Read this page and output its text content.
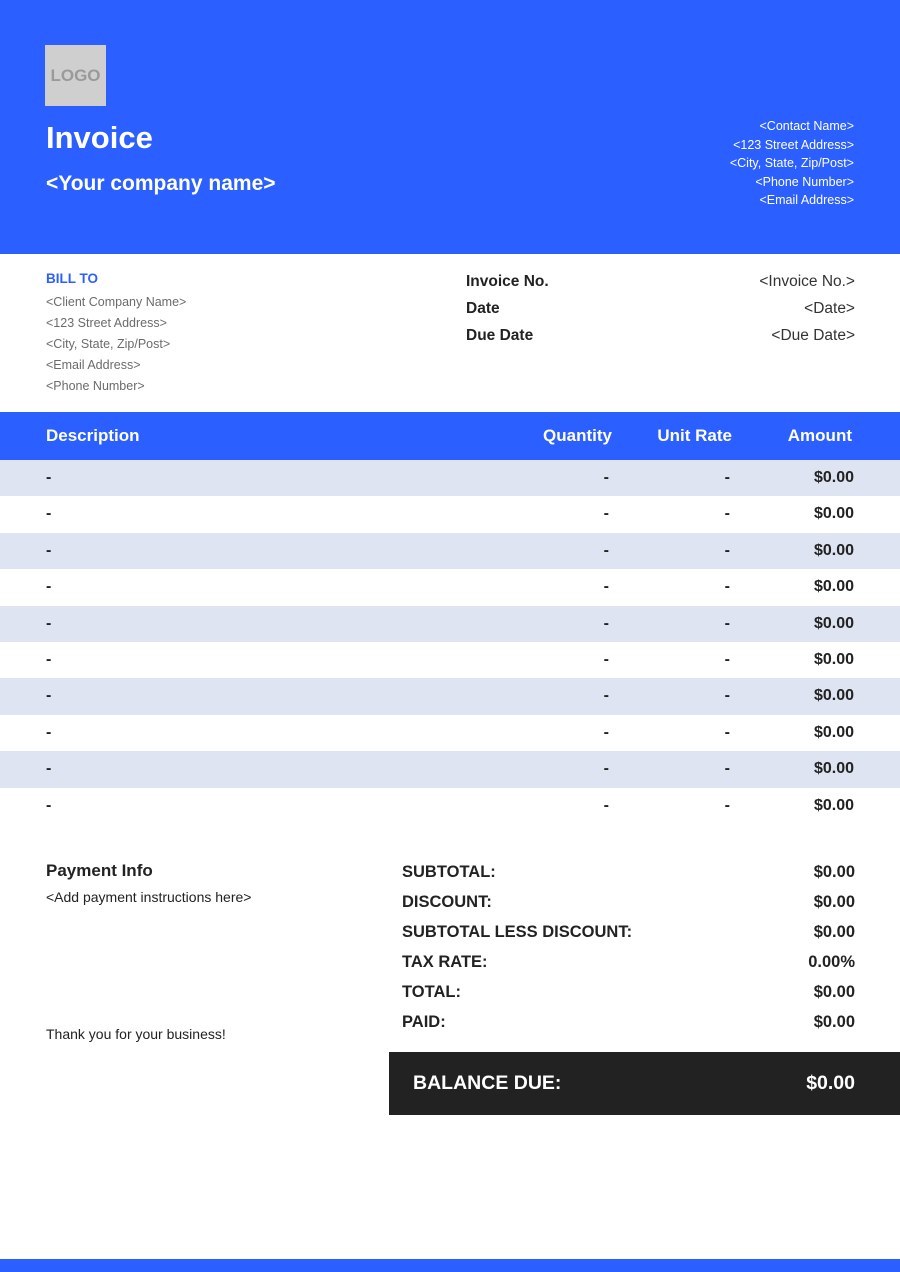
LOGO
Invoice
<Your company name>
<Contact Name>
<123 Street Address>
<City, State, Zip/Post>
<Phone Number>
<Email Address>
BILL TO
<Client Company Name>
<123 Street Address>
<City, State, Zip/Post>
<Email Address>
<Phone Number>
Invoice No.	<Invoice No.>
Date	<Date>
Due Date	<Due Date>
Description	Quantity	Unit Rate	Amount
-	-	-	$0.00
-	-	-	$0.00
-	-	-	$0.00
-	-	-	$0.00
-	-	-	$0.00
-	-	-	$0.00
-	-	-	$0.00
-	-	-	$0.00
-	-	-	$0.00
-	-	-	$0.00
Payment Info
<Add payment instructions here>
Thank you for your business!
SUBTOTAL:	$0.00
DISCOUNT:	$0.00
SUBTOTAL LESS DISCOUNT:	$0.00
TAX RATE:	0.00%
TOTAL:	$0.00
PAID:	$0.00
BALANCE DUE:	$0.00
